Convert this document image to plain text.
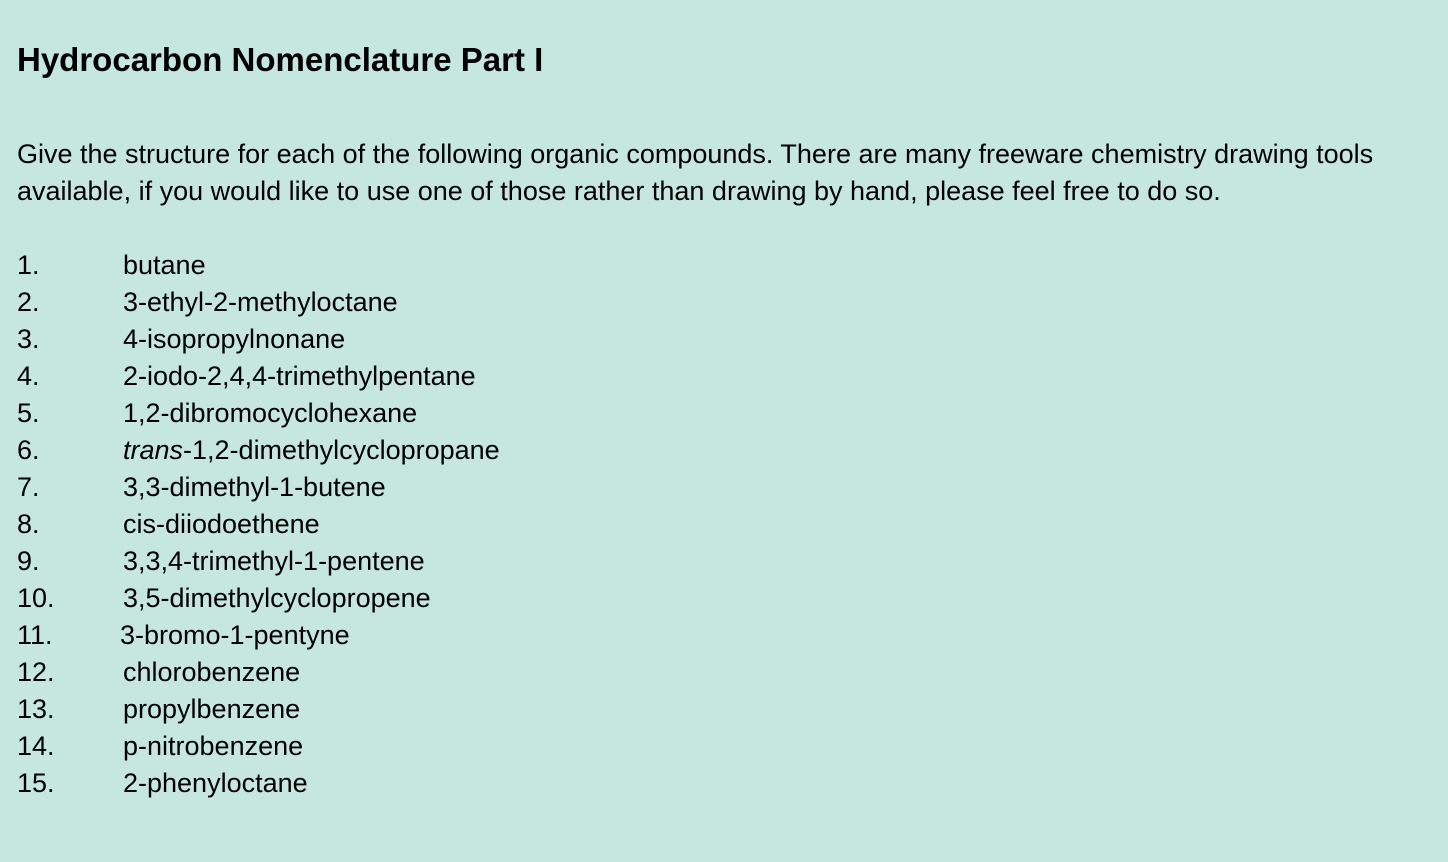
Hydrocarbon Nomenclature Part I

Give the structure for each of the following organic compounds. There are many freeware chemistry drawing tools available, if you would like to use one of those rather than drawing by hand, please feel free to do so.

1.	butane
2.	3-ethyl-2-methyloctane
3.	4-isopropylnonane
4.	2-iodo-2,4,4-trimethylpentane
5.	1,2-dibromocyclohexane
6.	trans-1,2-dimethylcyclopropane
7.	3,3-dimethyl-1-butene
8.	cis-diiodoethene
9.	3,3,4-trimethyl-1-pentene
10.	3,5-dimethylcyclopropene
11.	3-bromo-1-pentyne
12.	chlorobenzene
13.	propylbenzene
14.	p-nitrobenzene
15.	2-phenyloctane
